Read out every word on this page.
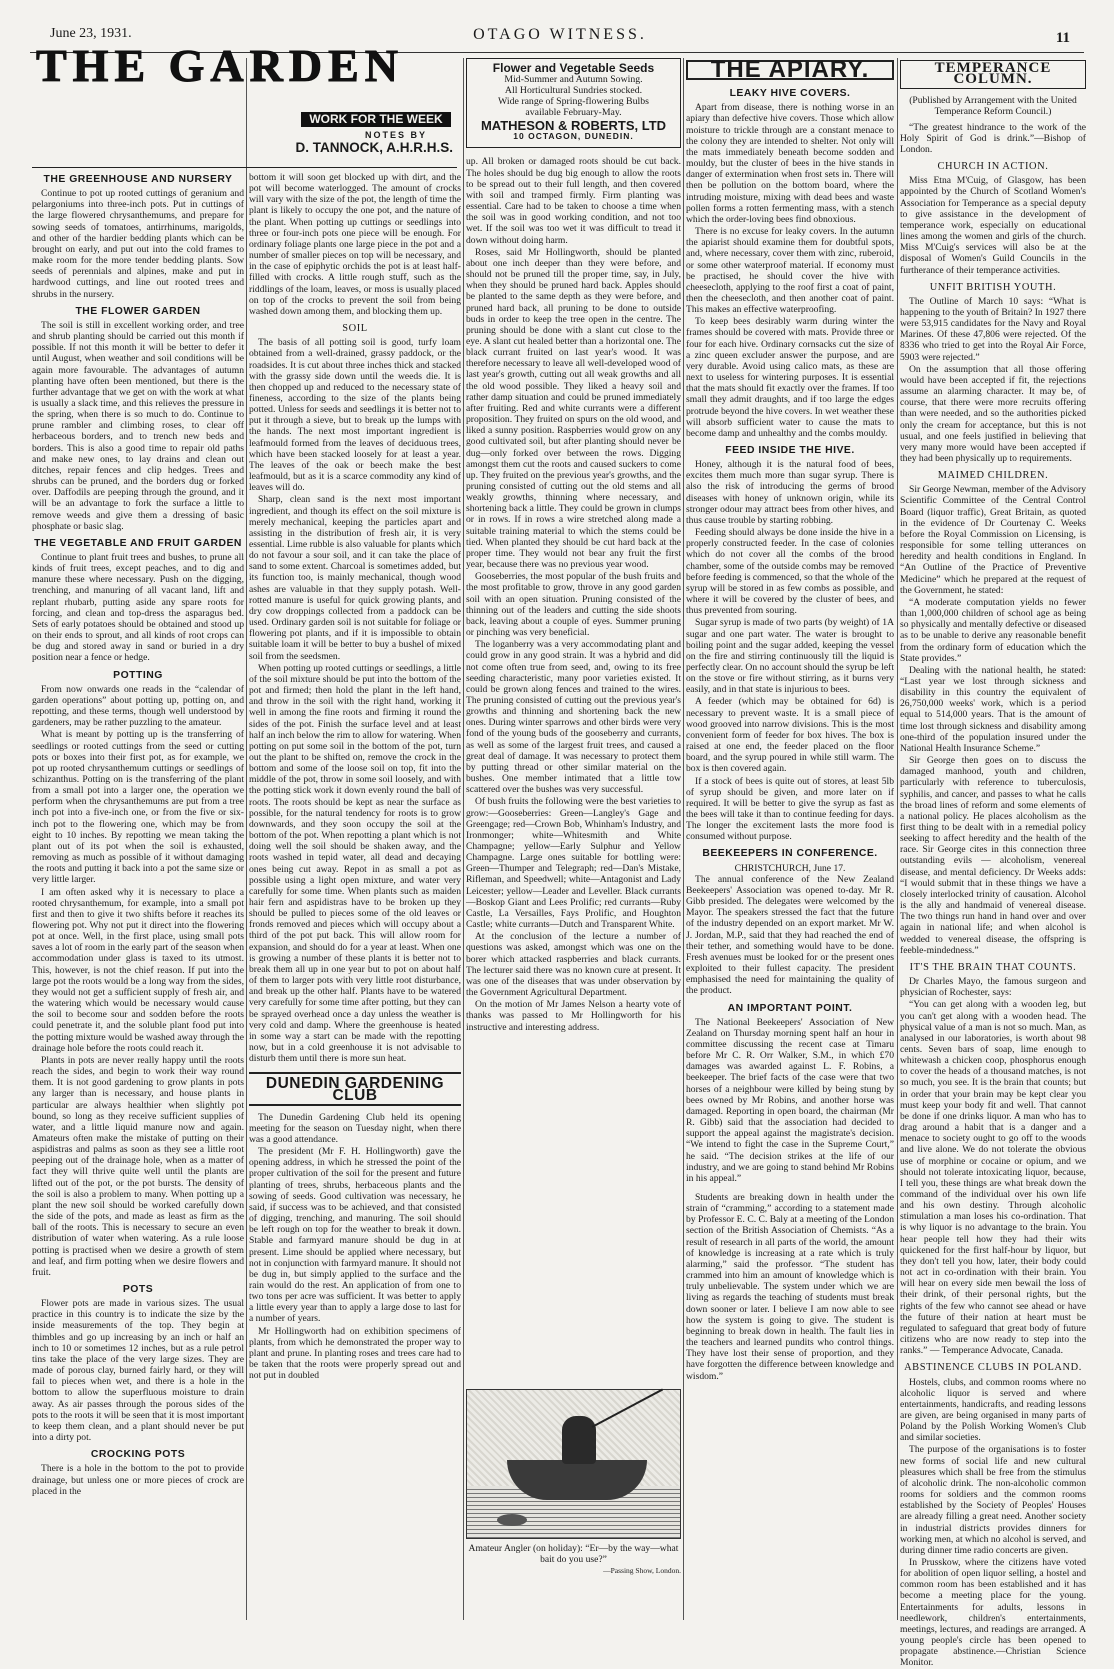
June 23, 1931.	OTAGO WITNESS.	11
THE GARDEN
WORK FOR THE WEEK
NOTES BY
D. TANNOCK, A.H.R.H.S.
THE GREENHOUSE AND NURSERY

Continue to pot up rooted cuttings of geranium and pelargoniums into three-inch pots. Put in cuttings of the large flowered chrysanthemums, and prepare for sowing seeds of tomatoes, antirrhinums, marigolds, and other of the hardier bedding plants which can be brought on early, and put out into the cold frames to make room for the more tender bedding plants. Sow seeds of perennials and alpines, make and put in hardwood cuttings, and line out rooted trees and shrubs in the nursery.

THE FLOWER GARDEN

The soil is still in excellent working order, and tree and shrub planting should be carried out this month if possible. If not this month it will be better to defer it until August, when weather and soil conditions will be again more favourable. The advantages of autumn planting have often been mentioned, but there is the further advantage that we get on with the work at what is usually a slack time, and this relieves the pressure in the spring, when there is so much to do. Continue to prune rambler and climbing roses, to clear off herbaceous borders, and to trench new beds and borders. This is also a good time to repair old paths and make new ones, to lay drains and clean out ditches, repair fences and clip hedges. Trees and shrubs can be pruned, and the borders dug or forked over. Daffodils are peeping through the ground, and it will be an advantage to fork the surface a little to remove weeds and give them a dressing of basic phosphate or basic slag.

THE VEGETABLE AND FRUIT GARDEN

Continue to plant fruit trees and bushes, to prune all kinds of fruit trees, except peaches, and to dig and manure these where necessary. Push on the digging, trenching, and manuring of all vacant land, lift and replant rhubarb, putting aside any spare roots for forcing, and clean and top-dress the asparagus bed. Sets of early potatoes should be obtained and stood up on their ends to sprout, and all kinds of root crops can be dug and stored away in sand or buried in a dry position near a fence or hedge.

POTTING

From now onwards one reads in the “calendar of garden operations” about potting up, potting on, and repotting, and these terms, though well understood by gardeners, may be rather puzzling to the amateur.

What is meant by potting up is the transferring of seedlings or rooted cuttings from the seed or cutting pots or boxes into their first pot, as for example, we pot up rooted chrysanthemum cuttings or seedlings of schizanthus. Potting on is the transferring of the plant from a small pot into a larger one, the operation we perform when the chrysanthemums are put from a tree inch pot into a five-inch one, or from the five or six-inch pot to the flowering one, which may be from eight to 10 inches. By repotting we mean taking the plant out of its pot when the soil is exhausted, removing as much as possible of it without damaging the roots and putting it back into a pot the same size or very little larger.

I am often asked why it is necessary to place a rooted chrysanthemum, for example, into a small pot first and then to give it two shifts before it reaches its flowering pot. Why not put it direct into the flowering pot at once. Well, in the first place, using small pots saves a lot of room in the early part of the season when accommodation under glass is taxed to its utmost. This, however, is not the chief reason. If put into the large pot the roots would be a long way from the sides, they would not get a sufficient supply of fresh air, and the watering which would be necessary would cause the soil to become sour and sodden before the roots could penetrate it, and the soluble plant food put into the potting mixture would be washed away through the drainage hole before the roots could reach it.

Plants in pots are never really happy until the roots reach the sides, and begin to work their way round them. It is not good gardening to grow plants in pots any larger than is necessary, and house plants in particular are always healthier when slightly pot bound, so long as they receive sufficient supplies of water, and a little liquid manure now and again. Amateurs often make the mistake of putting on their aspidistras and palms as soon as they see a little root peeping out of the drainage hole, when as a matter of fact they will thrive quite well until the plants are lifted out of the pot, or the pot bursts. The density of the soil is also a problem to many. When potting up a plant the new soil should be worked carefully down the side of the pots, and made as least as firm as the ball of the roots. This is necessary to secure an even distribution of water when watering. As a rule loose potting is practised when we desire a growth of stem and leaf, and firm potting when we desire flowers and fruit.

POTS

Flower pots are made in various sizes. The usual practice in this country is to indicate the size by the inside measurements of the top. They begin at thimbles and go up increasing by an inch or half an inch to 10 or sometimes 12 inches, but as a rule petrol tins take the place of the very large sizes. They are made of porous clay, burned fairly hard, or they will fail to pieces when wet, and there is a hole in the bottom to allow the superfluous moisture to drain away. As air passes through the porous sides of the pots to the roots it will be seen that it is most important to keep them clean, and a plant should never be put into a dirty pot.

CROCKING POTS

There is a hole in the bottom to the pot to provide drainage, but unless one or more pieces of crock are placed in the

bottom it will soon get blocked up with dirt, and the pot will become waterlogged. The amount of crocks will vary with the size of the pot, the length of time the plant is likely to occupy the one pot, and the nature of the plant. When potting up cuttings or seedlings into three or four-inch pots one piece will be enough. For ordinary foliage plants one large piece in the pot and a number of smaller pieces on top will be necessary, and in the case of epiphytic orchids the pot is at least half-filled with crocks. A little rough stuff, such as the riddlings of the loam, leaves, or moss is usually placed on top of the crocks to prevent the soil from being washed down among them, and blocking them up.

SOIL

The basis of all potting soil is good, turfy loam obtained from a well-drained, grassy paddock, or the roadsides. It is cut about three inches thick and stacked with the grassy side down until the weeds die. It is then chopped up and reduced to the necessary state of fineness, according to the size of the plants being potted. Unless for seeds and seedlings it is better not to put it through a sieve, but to break up the lumps with the hands. The next most important ingredient is leafmould formed from the leaves of deciduous trees, which have been stacked loosely for at least a year. The leaves of the oak or beech make the best leafmould, but as it is a scarce commodity any kind of leaves will do.

Sharp, clean sand is the next most important ingredient, and though its effect on the soil mixture is merely mechanical, keeping the particles apart and assisting in the distribution of fresh air, it is very essential. Lime rubble is also valuable for plants which do not favour a sour soil, and it can take the place of sand to some extent. Charcoal is sometimes added, but its function too, is mainly mechanical, though wood ashes are valuable in that they supply potash. Well-rotted manure is useful for quick growing plants, and dry cow droppings collected from a paddock can be used. Ordinary garden soil is not suitable for foliage or flowering pot plants, and if it is impossible to obtain suitable loam it will be better to buy a bushel of mixed soil from the seedsmen.

When potting up rooted cuttings or seedlings, a little of the soil mixture should be put into the bottom of the pot and firmed; then hold the plant in the left hand, and throw in the soil with the right hand, working it well in among the fine roots and firming it round the sides of the pot. Finish the surface level and at least half an inch below the rim to allow for watering. When potting on put some soil in the bottom of the pot, turn out the plant to be shifted on, remove the crock in the bottom and some of the loose soil on top, fit into the middle of the pot, throw in some soil loosely, and with the potting stick work it down evenly round the ball of roots. The roots should be kept as near the surface as possible, for the natural tendency for roots is to grow downwards, and they soon occupy the soil at the bottom of the pot. When repotting a plant which is not doing well the soil should be shaken away, and the roots washed in tepid water, all dead and decaying ones being cut away. Repot in as small a pot as possible using a light open mixture, and water very carefully for some time. When plants such as maiden hair fern and aspidistras have to be broken up they should be pulled to pieces some of the old leaves or fronds removed and pieces which will occupy about a third of the pot put back. This will allow room for expansion, and should do for a year at least. When one is growing a number of these plants it is better not to break them all up in one year but to pot on about half of them to larger pots with very little root disturbance, and break up the other half. Plants have to be watered very carefully for some time after potting, but they can be sprayed overhead once a day unless the weather is very cold and damp. Where the greenhouse is heated in some way a start can be made with the repotting now, but in a cold greenhouse it is not advisable to disturb them until there is more sun heat.

DUNEDIN GARDENING CLUB

The Dunedin Gardening Club held its opening meeting for the season on Tuesday night, when there was a good attendance.

The president (Mr F. H. Hollingworth) gave the opening address, in which he stressed the point of the proper cultivation of the soil for the present and future planting of trees, shrubs, herbaceous plants and the sowing of seeds. Good cultivation was necessary, he said, if success was to be achieved, and that consisted of digging, trenching, and manuring. The soil should be left rough on top for the weather to break it down. Stable and farmyard manure should be dug in at present. Lime should be applied where necessary, but not in conjunction with farmyard manure. It should not be dug in, but simply applied to the surface and the rain would do the rest. An application of from one to two tons per acre was sufficient. It was better to apply a little every year than to apply a large dose to last for a number of years.

Mr Hollingworth had on exhibition specimens of plants, from which he demonstrated the proper way to plant and prune. In planting roses and trees care had to be taken that the roots were properly spread out and not put in doubled

Flower and Vegetable Seeds
Mid-Summer and Autumn Sowing.
All Horticultural Sundries stocked.
Wide range of Spring-flowering Bulbs
available February-May.
MATHESON & ROBERTS, LTD
10 OCTAGON, DUNEDIN.

up. All broken or damaged roots should be cut back. The holes should be dug big enough to allow the roots to be spread out to their full length, and then covered with soil and tramped firmly. Firm planting was essential. Care had to be taken to choose a time when the soil was in good working condition, and not too wet. If the soil was too wet it was difficult to tread it down without doing harm.

Roses, said Mr Hollingworth, should be planted about one inch deeper than they were before, and should not be pruned till the proper time, say, in July, when they should be pruned hard back. Apples should be planted to the same depth as they were before, and pruned hard back, all pruning to be done to outside buds in order to keep the tree open in the centre. The pruning should be done with a slant cut close to the eye. A slant cut healed better than a horizontal one. The black currant fruited on last year's wood. It was therefore necessary to leave all well-developed wood of last year's growth, cutting out all weak growths and all the old wood possible. They liked a heavy soil and rather damp situation and could be pruned immediately after fruiting. Red and white currants were a different proposition. They fruited on spurs on the old wood, and liked a sunny position. Raspberries would grow on any good cultivated soil, but after planting should never be dug—only forked over between the rows. Digging amongst them cut the roots and caused suckers to come up. They fruited on the previous year's growths, and the pruning consisted of cutting out the old stems and all weakly growths, thinning where necessary, and shortening back a little. They could be grown in clumps or in rows. If in rows a wire stretched along made a suitable training material to which the stems could be tied. When planted they should be cut hard back at the proper time. They would not bear any fruit the first year, because there was no previous year wood.

Gooseberries, the most popular of the bush fruits and the most profitable to grow, throve in any good garden soil with an open situation. Pruning consisted of the thinning out of the leaders and cutting the side shoots back, leaving about a couple of eyes. Summer pruning or pinching was very beneficial.

The loganberry was a very accommodating plant and could grow in any good strain. It was a hybrid and did not come often true from seed, and, owing to its free seeding characteristic, many poor varieties existed. It could be grown along fences and trained to the wires. The pruning consisted of cutting out the previous year's growths and thinning and shortening back the new ones. During winter sparrows and other birds were very fond of the young buds of the gooseberry and currants, as well as some of the largest fruit trees, and caused a great deal of damage. It was necessary to protect them by putting thread or other similar material on the bushes. One member intimated that a little tow scattered over the bushes was very successful.

Of bush fruits the following were the best varieties to grow:—Gooseberries: Green—Langley's Gage and Greengage; red—Crown Bob, Whinham's Industry, and Ironmonger; white—Whitesmith and White Champagne; yellow—Early Sulphur and Yellow Champagne. Large ones suitable for bottling were: Green—Thumper and Telegraph; red—Dan's Mistake, Rifleman, and Speedwell; white—Antagonist and Lady Leicester; yellow—Leader and Leveller. Black currants—Boskop Giant and Lees Prolific; red currants—Ruby Castle, La Versailles, Fays Prolific, and Houghton Castle; white currants—Dutch and Transparent White.

At the conclusion of the lecture a number of questions was asked, amongst which was one on the borer which attacked raspberries and black currants. The lecturer said there was no known cure at present. It was one of the diseases that was under observation by the Government Agricultural Department.

On the motion of Mr James Nelson a hearty vote of thanks was passed to Mr Hollingworth for his instructive and interesting address.

Amateur Angler (on holiday): “Er—by the way—what bait do you use?”
—Passing Show, London.
THE APIARY.
LEAKY HIVE COVERS.

Apart from disease, there is nothing worse in an apiary than defective hive covers. Those which allow moisture to trickle through are a constant menace to the colony they are intended to shelter. Not only will the mats immediately beneath become sodden and mouldy, but the cluster of bees in the hive stands in danger of extermination when frost sets in. There will then be pollution on the bottom board, where the intruding moisture, mixing with dead bees and waste pollen forms a rotten fermenting mass, with a stench which the order-loving bees find obnoxious.

There is no excuse for leaky covers. In the autumn the apiarist should examine them for doubtful spots, and, where necessary, cover them with zinc, ruberoid, or some other waterproof material. If economy must be practised, he should cover the hive with cheesecloth, applying to the roof first a coat of paint, then the cheesecloth, and then another coat of paint. This makes an effective waterproofing.

To keep bees desirably warm during winter the frames should be covered with mats. Provide three or four for each hive. Ordinary cornsacks cut the size of a zinc queen excluder answer the purpose, and are very durable. Avoid using calico mats, as these are next to useless for wintering purposes. It is essential that the mats should fit exactly over the frames. If too small they admit draughts, and if too large the edges protrude beyond the hive covers. In wet weather these will absorb sufficient water to cause the mats to become damp and unhealthy and the combs mouldy.

FEED INSIDE THE HIVE.

Honey, although it is the natural food of bees, excites them much more than sugar syrup. There is also the risk of introducing the germs of brood diseases with honey of unknown origin, while its stronger odour may attract bees from other hives, and thus cause trouble by starting robbing.

Feeding should always be done inside the hive in a properly constructed feeder. In the case of colonies which do not cover all the combs of the brood chamber, some of the outside combs may be removed before feeding is commenced, so that the whole of the syrup will be stored in as few combs as possible, and where it will be covered by the cluster of bees, and thus prevented from souring.

Sugar syrup is made of two parts (by weight) of 1A sugar and one part water. The water is brought to boiling point and the sugar added, keeping the vessel on the fire and stirring continuously till the liquid is perfectly clear. On no account should the syrup be left on the stove or fire without stirring, as it burns very easily, and in that state is injurious to bees.

A feeder (which may be obtained for 6d) is necessary to prevent waste. It is a small piece of wood grooved into narrow divisions. This is the most convenient form of feeder for box hives. The box is raised at one end, the feeder placed on the floor board, and the syrup poured in while still warm. The box is then covered again.

If a stock of bees is quite out of stores, at least 5lb of syrup should be given, and more later on if required. It will be better to give the syrup as fast as the bees will take it than to continue feeding for days. The longer the excitement lasts the more food is consumed without purpose.

BEEKEEPERS IN CONFERENCE.
CHRISTCHURCH, June 17.

The annual conference of the New Zealand Beekeepers' Association was opened to-day. Mr R. Gibb presided. The delegates were welcomed by the Mayor. The speakers stressed the fact that the future of the industry depended on an export market. Mr W. J. Jordan, M.P., said that they had reached the end of their tether, and something would have to be done. Fresh avenues must be looked for or the present ones exploited to their fullest capacity. The president emphasised the need for maintaining the quality of the product.

AN IMPORTANT POINT.

The National Beekeepers' Association of New Zealand on Thursday morning spent half an hour in committee discussing the recent case at Timaru before Mr C. R. Orr Walker, S.M., in which £70 damages was awarded against L. F. Robins, a beekeeper. The brief facts of the case were that two horses of a neighbour were killed by being stung by bees owned by Mr Robins, and another horse was damaged. Reporting in open board, the chairman (Mr R. Gibb) said that the association had decided to support the appeal against the magistrate's decision. “We intend to fight the case in the Supreme Court,” he said. “The decision strikes at the life of our industry, and we are going to stand behind Mr Robins in his appeal.”

Students are breaking down in health under the strain of “cramming,” according to a statement made by Professor E. C. C. Baly at a meeting of the London section of the British Association of Chemists. “As a result of research in all parts of the world, the amount of knowledge is increasing at a rate which is truly alarming,” said the professor. “The student has crammed into him an amount of knowledge which is truly unbelievable. The system under which we are living as regards the teaching of students must break down sooner or later. I believe I am now able to see how the system is going to give. The student is beginning to break down in health. The fault lies in the teachers and learned pundits who control things. They have lost their sense of proportion, and they have forgotten the difference between knowledge and wisdom.”

TEMPERANCE COLUMN.

(Published by Arrangement with the United Temperance Reform Council.)

“The greatest hindrance to the work of the Holy Spirit of God is drink.”—Bishop of London.

CHURCH IN ACTION.

Miss Etna M'Cuig, of Glasgow, has been appointed by the Church of Scotland Women's Association for Temperance as a special deputy to give assistance in the development of temperance work, especially on educational lines among the women and girls of the church. Miss M'Cuig's services will also be at the disposal of Women's Guild Councils in the furtherance of their temperance activities.

UNFIT BRITISH YOUTH.

The Outline of March 10 says: “What is happening to the youth of Britain? In 1927 there were 53,915 candidates for the Navy and Royal Marines. Of these 47,806 were rejected. Of the 8336 who tried to get into the Royal Air Force, 5903 were rejected.”

On the assumption that all those offering would have been accepted if fit, the rejections assume an alarming character. It may be, of course, that there were more recruits offering than were needed, and so the authorities picked only the cream for acceptance, but this is not usual, and one feels justified in believing that very many more would have been accepted if they had been physically up to requirements.

MAIMED CHILDREN.

Sir George Newman, member of the Advisory Scientific Committee of the Central Control Board (liquor traffic), Great Britain, as quoted in the evidence of Dr Courtenay C. Weeks before the Royal Commission on Licensing, is responsible for some telling utterances on heredity and health conditions in England. In “An Outline of the Practice of Preventive Medicine” which he prepared at the request of the Government, he stated:

“A moderate computation yields no fewer than 1,000,000 children of school age as being so physically and mentally defective or diseased as to be unable to derive any reasonable benefit from the ordinary form of education which the State provides.”

Dealing with the national health, he stated: “Last year we lost through sickness and disability in this country the equivalent of 26,750,000 weeks' work, which is a period equal to 514,000 years. That is the amount of time lost through sickness and disability among one-third of the population insured under the National Health Insurance Scheme.”

Sir George then goes on to discuss the damaged manhood, youth and children, particularly with reference to tuberculosis, syphilis, and cancer, and passes to what he calls the broad lines of reform and some elements of a national policy. He places alcoholism as the first thing to be dealt with in a remedial policy seeking to affect heredity and the health of the race. Sir George cites in this connection three outstanding evils — alcoholism, venereal disease, and mental deficiency. Dr Weeks adds: “I would submit that in these things we have a closely interlocked trinity of causation. Alcohol is the ally and handmaid of venereal disease. The two things run hand in hand over and over again in national life; and when alcohol is wedded to venereal disease, the offspring is feeble-mindedness.”

IT'S THE BRAIN THAT COUNTS.

Dr Charles Mayo, the famous surgeon and physician of Rochester, says:

“You can get along with a wooden leg, but you can't get along with a wooden head. The physical value of a man is not so much. Man, as analysed in our laboratories, is worth about 98 cents. Seven bars of soap, lime enough to whitewash a chicken coop, phosphorus enough to cover the heads of a thousand matches, is not so much, you see. It is the brain that counts; but in order that your brain may be kept clear you must keep your body fit and well. That cannot be done if one drinks liquor. A man who has to drag around a habit that is a danger and a menace to society ought to go off to the woods and live alone. We do not tolerate the obvious use of morphine or cocaine or opium, and we should not tolerate intoxicating liquor, because, I tell you, these things are what break down the command of the individual over his own life and his own destiny. Through alcoholic stimulation a man loses his co-ordination. That is why liquor is no advantage to the brain. You hear people tell how they had their wits quickened for the first half-hour by liquor, but they don't tell you how, later, their body could not act in co-ordination with their brain. You will hear on every side men bewail the loss of their drink, of their personal rights, but the rights of the few who cannot see ahead or have the future of their nation at heart must be regulated to safeguard that great body of future citizens who are now ready to step into the ranks.” — Temperance Advocate, Canada.

ABSTINENCE CLUBS IN POLAND.

Hostels, clubs, and common rooms where no alcoholic liquor is served and where entertainments, handicrafts, and reading lessons are given, are being organised in many parts of Poland by the Polish Working Women's Club and similar societies.

The purpose of the organisations is to foster new forms of social life and new cultural pleasures which shall be free from the stimulus of alcoholic drink. The non-alcoholic common rooms for soldiers and the common rooms established by the Society of Peoples' Houses are already filling a great need. Another society in industrial districts provides dinners for working men, at which no alcohol is served, and during dinner time radio concerts are given.

In Prusskow, where the citizens have voted for abolition of open liquor selling, a hostel and common room has been established and it has become a meeting place for the young. Entertainments for adults, lessons in needlework, children's entertainments, meetings, lectures, and readings are arranged. A young people's circle has been opened to propagate abstinence.—Christian Science Monitor.
